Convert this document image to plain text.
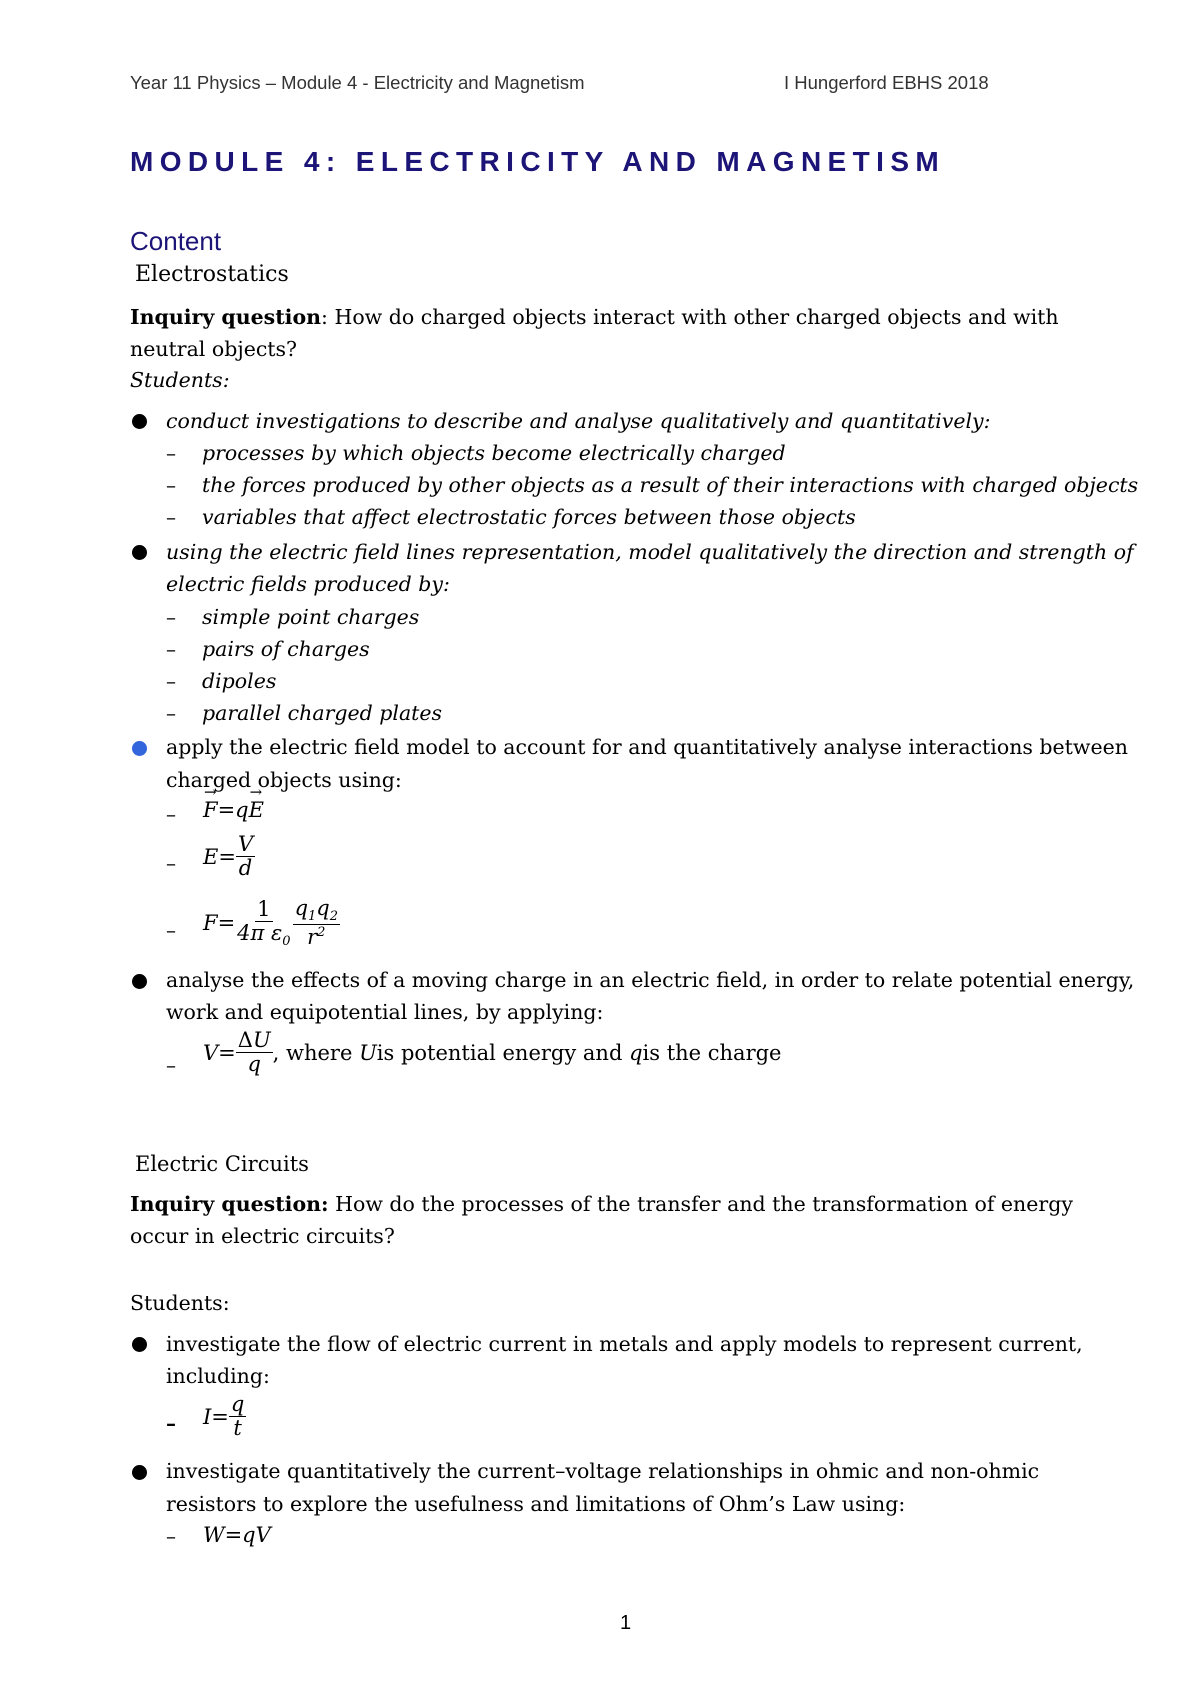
Year 11 Physics – Module 4 - Electricity and Magnetism	I Hungerford EBHS 2018
MODULE 4: ELECTRICITY AND MAGNETISM
Content
Electrostatics
Inquiry question: How do charged objects interact with other charged objects and with
neutral objects?
Students:
conduct investigations to describe and analyse qualitatively and quantitatively:
– processes by which objects become electrically charged
– the forces produced by other objects as a result of their interactions with charged objects
– variables that affect electrostatic forces between those objects
using the electric field lines representation, model qualitatively the direction and strength of
electric fields produced by:
– simple point charges
– pairs of charges
– dipoles
– parallel charged plates
apply the electric field model to account for and quantitatively analyse interactions between
charged objects using:
– → F =q → E
– $E= \frac{V}{d}$
– $F= \frac{1}{4\pi \varepsilon_0} \frac{q_1q_2}{r^2}$
analyse the effects of a moving charge in an electric field, in order to relate potential energy,
work and equipotential lines, by applying:
–
$V= \frac{\Delta U}{q}$ , where
U is potential energy and
q is the charge
Electric Circuits
Inquiry question: How do the processes of the transfer and the transformation of energy
occur in electric circuits?
Students:
investigate the flow of electric current in metals and apply models to represent current,
including:
– $I= \frac{q}{t}$
investigate quantitatively the current–voltage relationships in ohmic and non-ohmic
resistors to explore the usefulness and limitations of Ohm’s Law using:
– W=qV
1
